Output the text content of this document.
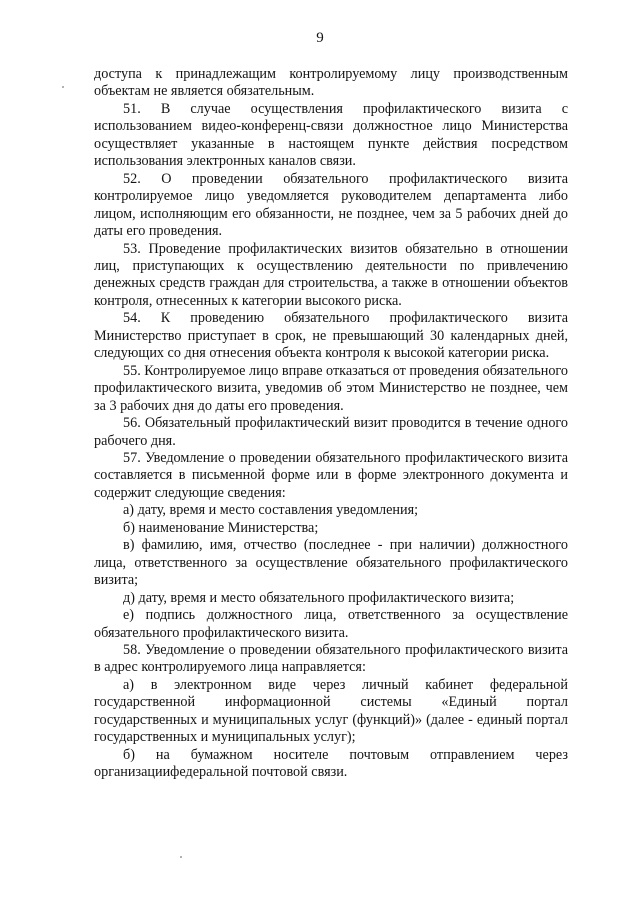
9

доступа к принадлежащим контролируемому лицу производственным объектам не является обязательным.

51. В случае осуществления профилактического визита с использованием видео-конференц-связи должностное лицо Министерства осуществляет указанные в настоящем пункте действия посредством использования электронных каналов связи.

52. О проведении обязательного профилактического визита контролируемое лицо уведомляется руководителем департамента либо лицом, исполняющим его обязанности, не позднее, чем за 5 рабочих дней до даты его проведения.

53. Проведение профилактических визитов обязательно в отношении лиц, приступающих к осуществлению деятельности по привлечению денежных средств граждан для строительства, а также в отношении объектов контроля, отнесенных к категории высокого риска.

54. К проведению обязательного профилактического визита Министерство приступает в срок, не превышающий 30 календарных дней, следующих со дня отнесения объекта контроля к высокой категории риска.

55. Контролируемое лицо вправе отказаться от проведения обязательного профилактического визита, уведомив об этом Министерство не позднее, чем за 3 рабочих дня до даты его проведения.

56. Обязательный профилактический визит проводится в течение одного рабочего дня.

57. Уведомление о проведении обязательного профилактического визита составляется в письменной форме или в форме электронного документа и содержит следующие сведения:

а) дату, время и место составления уведомления;

б) наименование Министерства;

в) фамилию, имя, отчество (последнее - при наличии) должностного лица, ответственного за осуществление обязательного профилактического визита;

д) дату, время и место обязательного профилактического визита;

е) подпись должностного лица, ответственного за осуществление обязательного профилактического визита.

58. Уведомление о проведении обязательного профилактического визита в адрес контролируемого лица направляется:

а) в электронном виде через личный кабинет федеральной государственной информационной системы «Единый портал государственных и муниципальных услуг (функций)» (далее - единый портал государственных и муниципальных услуг);

б) на бумажном носителе почтовым отправлением через организациифедеральной почтовой связи.
